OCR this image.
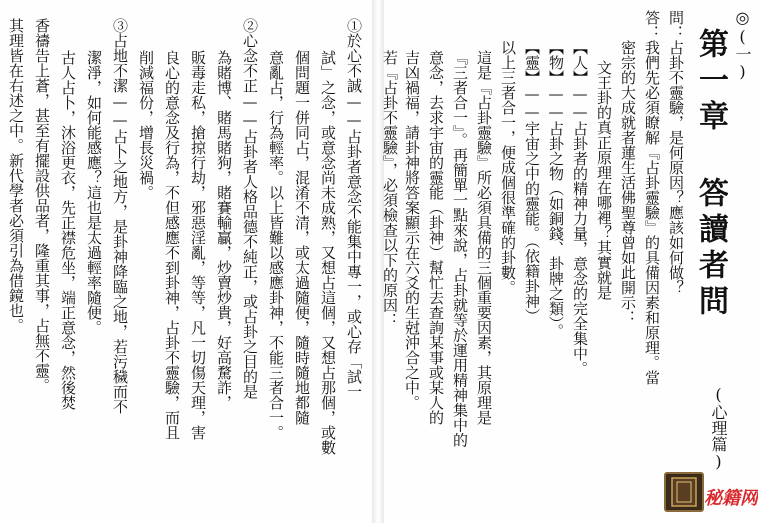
①於心不誠——占卦者意念不能集中專一，或心存「試一
試」之念，或意念尚未成熟，又想占這個，又想占那個，或數
個問題一併同占，混淆不清，或太過隨便，隨時隨地都隨
意亂占，行為輕率。以上皆難以感應卦神，不能三者合一。
②心念不正——占卦者人格品德不純正，或占卦之目的是
為賭博、賭馬賭狗，賭賽輸贏，炒賣炒貴，好高騖詐，
販毒走私，搶掠行劫，邪惡淫亂，等等，凡一切傷天理，害
良心的意念及行為，不但感應不到卦神，占卦不靈驗，而且
削減福份，增長災禍。
③占地不潔——占卜之地方，是卦神降臨之地，若污穢而不
潔淨，如何能感應？這也是太過輕率隨便。
古人占卜，沐浴更衣，先正襟危坐，端正意念，然後焚
香禱告上蒼，甚至有擺設供品者，隆重其事，占無不靈。
其理皆在右述之中。新代學者必須引為借鏡也。	◎(一)
第一章 答讀者問
(心理篇)
問：占卦不靈驗，是何原因？應該如何做？
答：我們先必須瞭解『占卦靈驗』的具備因素和原理。當
密宗的大成就者蓮生活佛聖尊曾如此開示：
文王卦的真正原理在哪裡？其實就是
【人】——占卦者的精神力量，意念的完全集中。
【物】——占卦之物（如銅錢、卦牌之類）。
【靈】——宇宙之中的靈能。（依籍卦神）
以上三者合一，便成個很準確的卦數。
這是『占卦靈驗』所必須具備的三個重要因素，其原理是
『三者合一』。再簡單一點來說，占卦就等於運用精神集中的
意念，去求宇宙的靈能（卦神）幫忙去查詢某事或某人的
吉凶禍福，請卦神將答案顯示在六爻的生尅沖合之中。
若『占卦不靈驗』，必須檢查以下的原因：
秘籍网
